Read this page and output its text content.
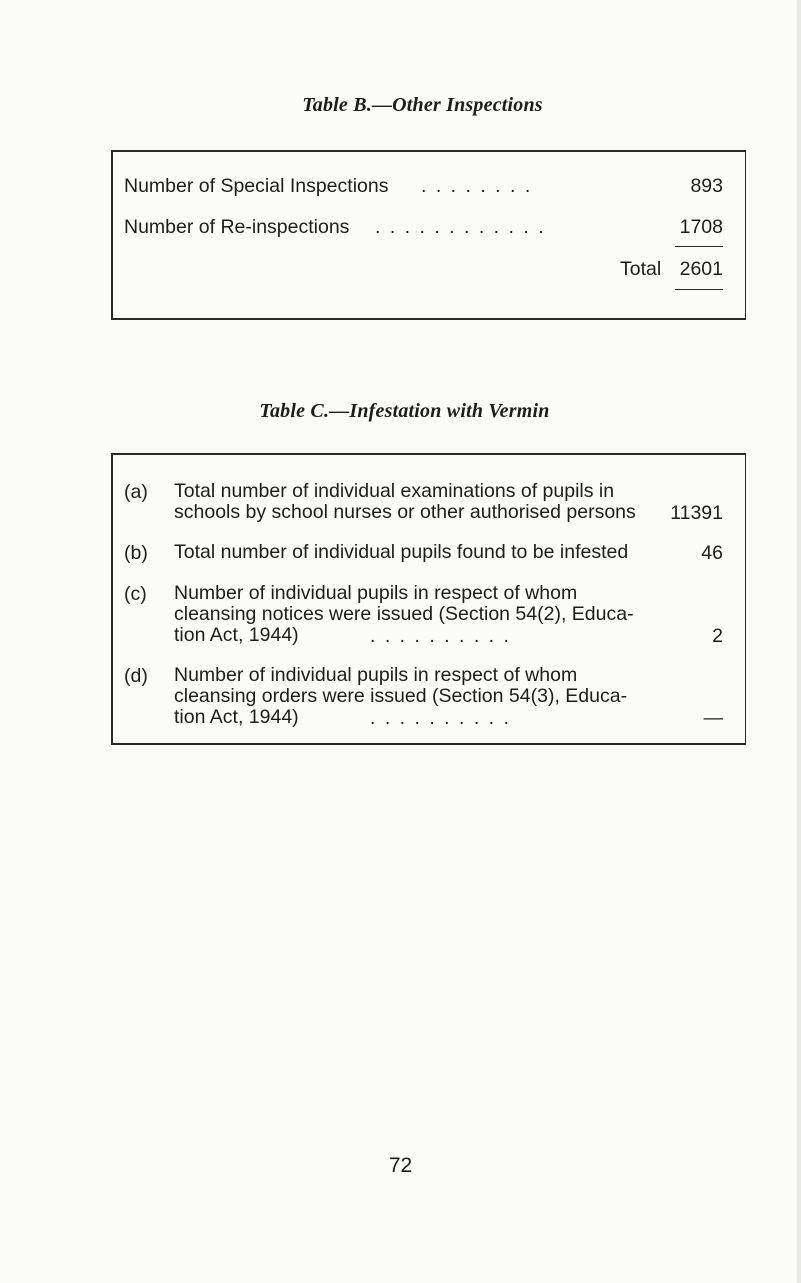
Table B.—Other Inspections
Number of Special Inspections . . . . . . . .	893
Number of Re-inspections . . . . . . . . . . . .	1708
Total 2601
Table C.—Infestation with Vermin
(a) Total number of individual examinations of pupils in
schools by school nurses or other authorised persons 11391
(b) Total number of individual pupils found to be infested	46
(c) Number of individual pupils in respect of whom
cleansing notices were issued (Section 54(2), Educa-
tion Act, 1944)	. . . . . . . . . .	2
(d) Number of individual pupils in respect of whom
cleansing orders were issued (Section 54(3), Educa-
tion Act, 1944)	. . . . . . . . . .	—
72
